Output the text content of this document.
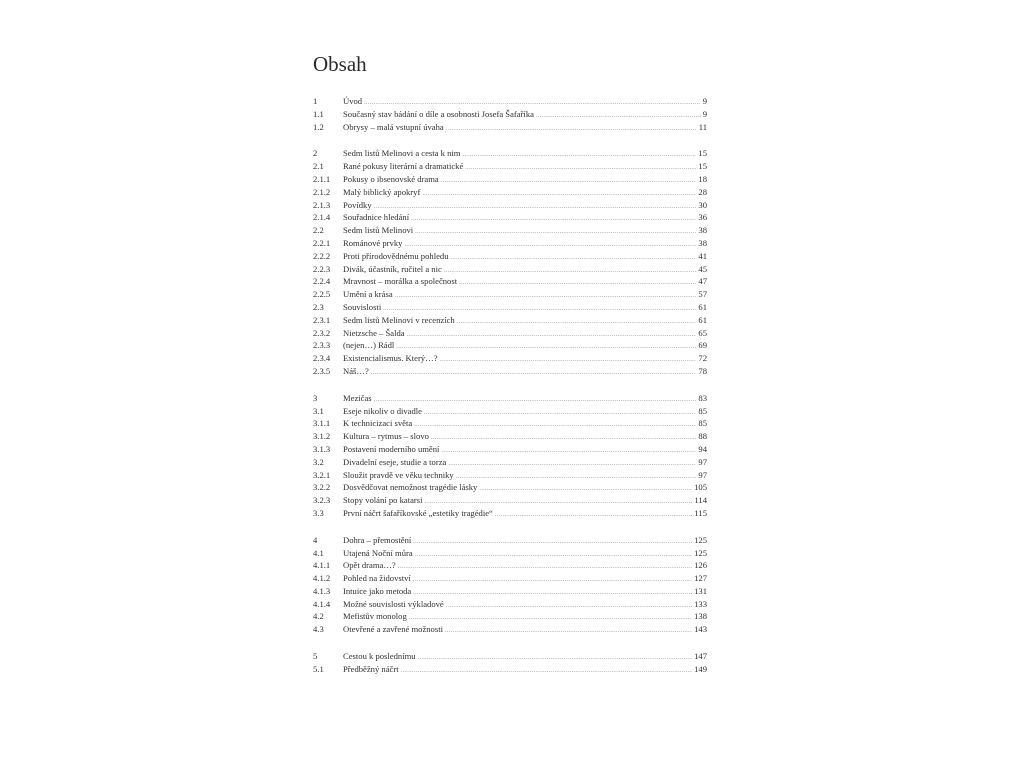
Obsah
1	Úvod .....	9
1.1	Současný stav bádání o díle a osobnosti Josefa Šafaříka .....	9
1.2	Obrysy – malá vstupní úvaha .....	11
2	Sedm listů Melinovi a cesta k nim .....	15
2.1	Rané pokusy literární a dramatické .....	15
2.1.1	Pokusy o ibsenovské drama .....	18
2.1.2	Malý biblický apokryf .....	28
2.1.3	Povídky .....	30
2.1.4	Souřadnice hledání .....	36
2.2	Sedm listů Melinovi .....	38
2.2.1	Románové prvky .....	38
2.2.2	Proti přírodovědnému pohledu .....	41
2.2.3	Divák, účastník, ručitel a nic .....	45
2.2.4	Mravnost – morálka a společnost .....	47
2.2.5	Umění a krása .....	57
2.3	Souvislosti .....	61
2.3.1	Sedm listů Melinovi v recenzích .....	61
2.3.2	Nietzsche – Šalda .....	65
2.3.3	(nejen…) Rádl .....	69
2.3.4	Existencialismus. Který…? .....	72
2.3.5	Náš…? .....	78
3	Mezičas .....	83
3.1	Eseje nikoliv o divadle .....	85
3.1.1	K technicizaci světa .....	85
3.1.2	Kultura – rytmus – slovo .....	88
3.1.3	Postavení moderního umění .....	94
3.2	Divadelní eseje, studie a torza .....	97
3.2.1	Sloužit pravdě ve věku techniky .....	97
3.2.2	Dosvědčovat nemožnost tragédie lásky .....	105
3.2.3	Stopy volání po katarsi .....	114
3.3	První náčrt šafaříkovské „estetiky tragédie“ .....	115
4	Dohra – přemostění .....	125
4.1	Utajená Noční můra .....	125
4.1.1	Opět drama…? .....	126
4.1.2	Pohled na židovství .....	127
4.1.3	Intuice jako metoda .....	131
4.1.4	Možné souvislosti výkladové .....	133
4.2	Mefistův monolog .....	138
4.3	Otevřené a zavřené možnosti .....	143
5	Cestou k poslednímu .....	147
5.1	Předběžný náčrt .....	149
